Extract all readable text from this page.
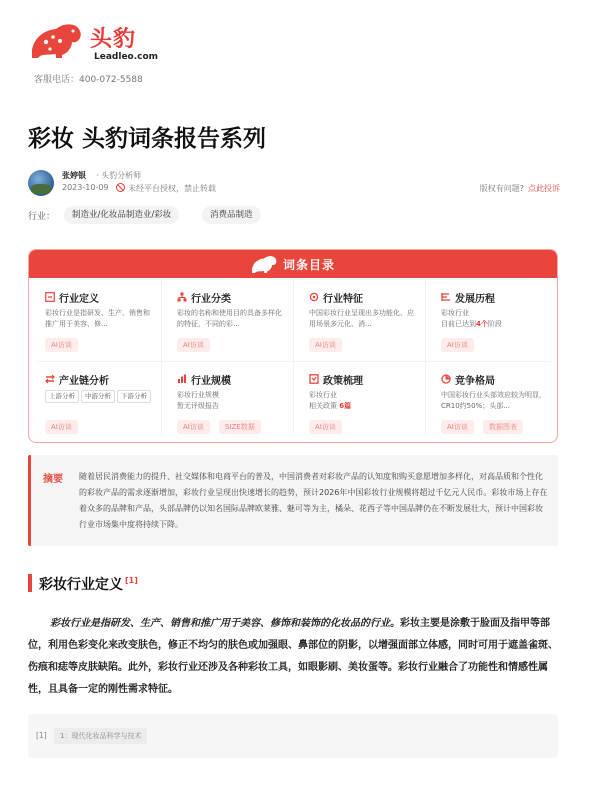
头豹
Leadleo.com
客服电话：400-072-5588
彩妆 头豹词条报告系列
张婷银 · 头豹分析师
2023-10-09 未经平台授权，禁止转载	版权有问题? 点此投诉
行业：	制造业/化妆品制造业/彩妆	消费品制造
词条目录
行业定义
彩妆行业是指研发、生产、销售和推广用于美容、修...
AI访谈
行业分类
彩妆的名称和使用目的具备多样化的特征，不同的彩...
AI访谈
行业特征
中国彩妆行业呈现出多功能化、应用场景多元化、消...
AI访谈
发展历程
彩妆行业
目前已达到4个阶段
AI访谈
产业链分析
上游分析	中游分析	下游分析
AI访谈
行业规模
彩妆行业规模
暂无评级报告
AI访谈	SIZE数据
政策梳理
彩妆行业
相关政策 6篇
AI访谈
竞争格局
中国彩妆行业头部效应较为明显，CR10约50%；头部...
AI访谈	数据图表
摘要 随着居民消费能力的提升、社交媒体和电商平台的普及，中国消费者对彩妆产品的认知度和购买意愿增加多样化，对高品质和个性化的彩妆产品的需求逐渐增加，彩妆行业呈现出快速增长的趋势，预计2026年中国彩妆行业规模将超过千亿元人民币。彩妆市场上存在着众多的品牌和产品，头部品牌仍以知名国际品牌欧莱雅、魅可等为主，橘朵、花西子等中国品牌仍在不断发展壮大，预计中国彩妆行业市场集中度将持续下降。
彩妆行业定义 [1]
彩妆行业是指研发、生产、销售和推广用于美容、修饰和装饰的化妆品的行业。彩妆主要是涂敷于脸面及指甲等部位，利用色彩变化来改变肤色，修正不均匀的肤色或加强眼、鼻部位的阴影，以增强面部立体感，同时可用于遮盖雀斑、伤痕和痣等皮肤缺陷。此外，彩妆行业还涉及各种彩妆工具，如眼影刷、美妆蛋等。彩妆行业融合了功能性和情感性属性，且具备一定的刚性需求特征。
[1]	1：现代化妆品科学与技术
